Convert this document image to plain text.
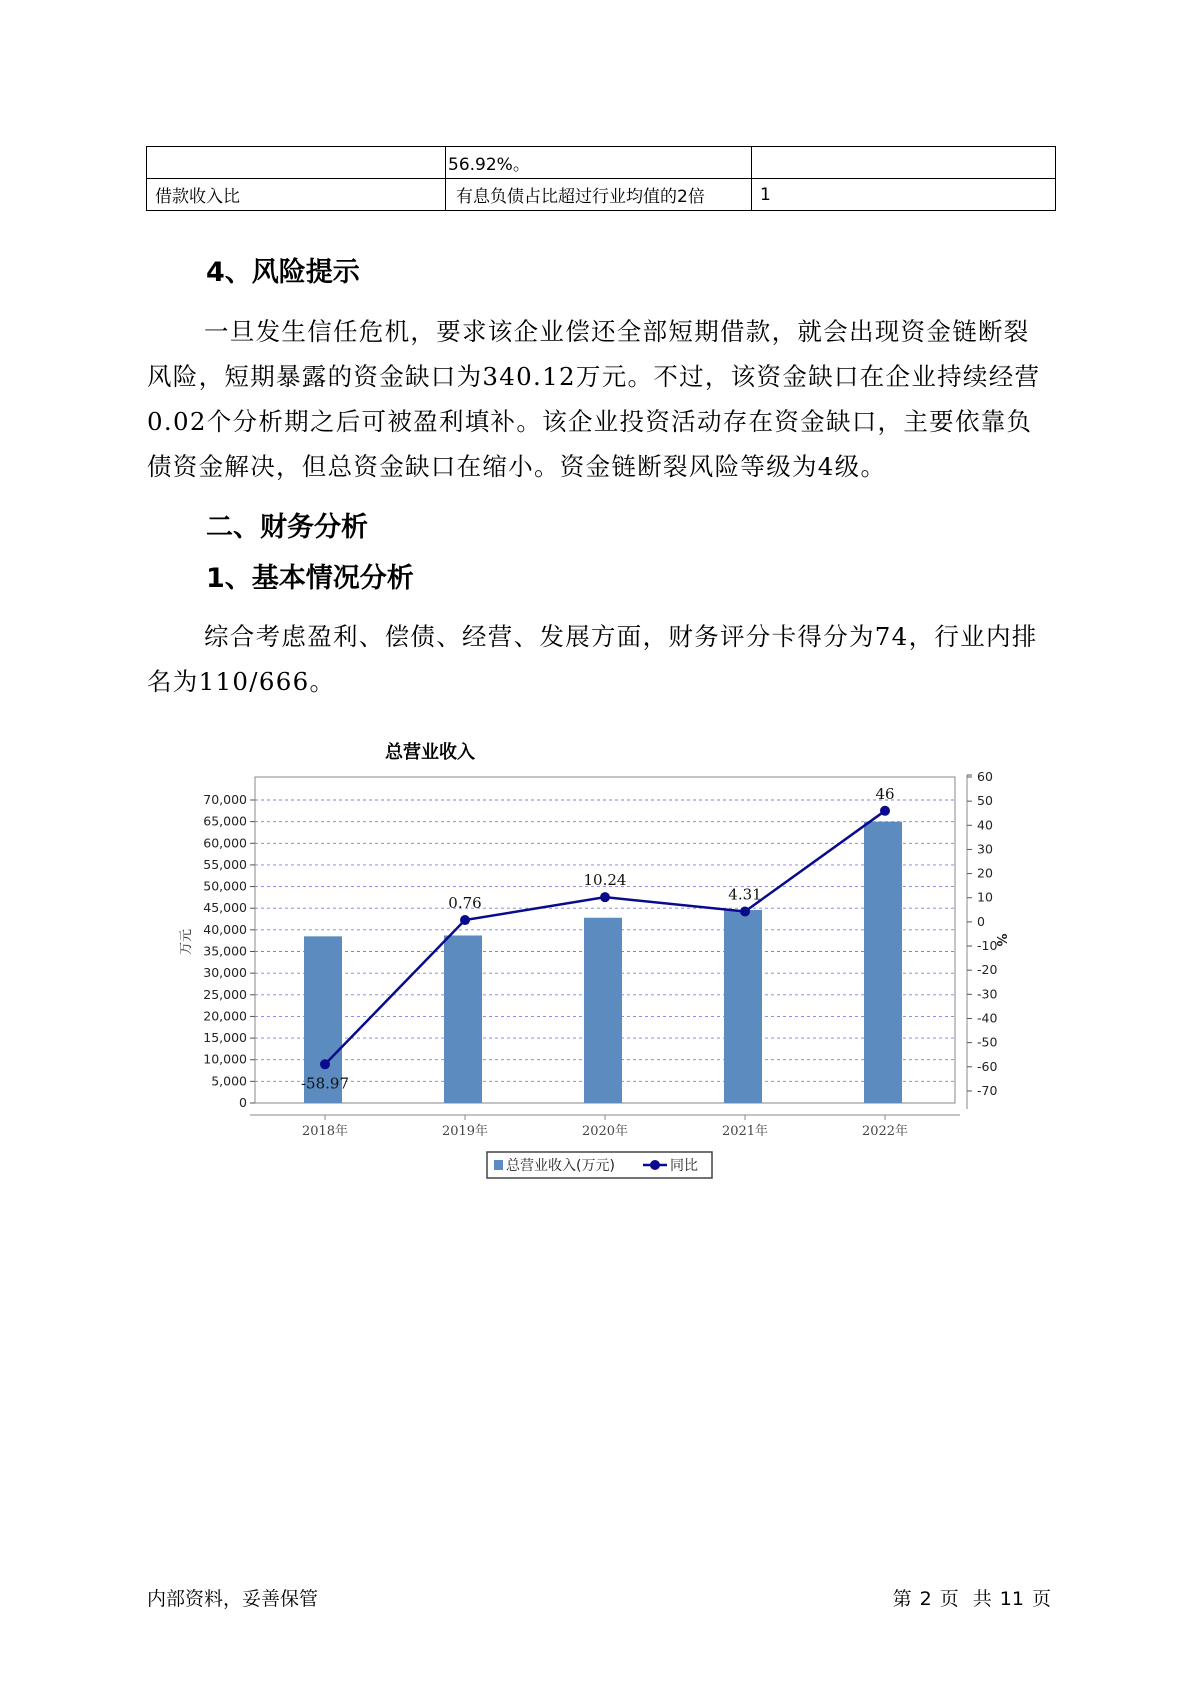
	56.92%。	
借款收入比	有息负债占比超过行业均值的2倍	1
4、风险提示

一旦发生信任危机，要求该企业偿还全部短期借款，就会出现资金链断裂风险，短期暴露的资金缺口为340.12万元。不过，该资金缺口在企业持续经营 0.02个分析期之后可被盈利填补。该企业投资活动存在资金缺口，主要依靠负债资金解决，但总资金缺口在缩小。资金链断裂风险等级为4级。

二、财务分析
1、基本情况分析

综合考虑盈利、偿债、经营、发展方面，财务评分卡得分为74，行业内排名为110/666。

总营业收入
0
5,000
10,000
15,000
20,000
25,000
30,000
35,000
40,000
45,000
50,000
55,000
60,000
65,000
70,000
-70
-60
-50
-40
-30
-20
-10
0
10
20
30
40
50
60
万元	%
2018年	2019年	2020年	2021年	2022年
-58.97
0.76
10.24
4.31
46
总营业收入(万元)	同比
内部资料，妥善保管	第 2 页 共 11 页
